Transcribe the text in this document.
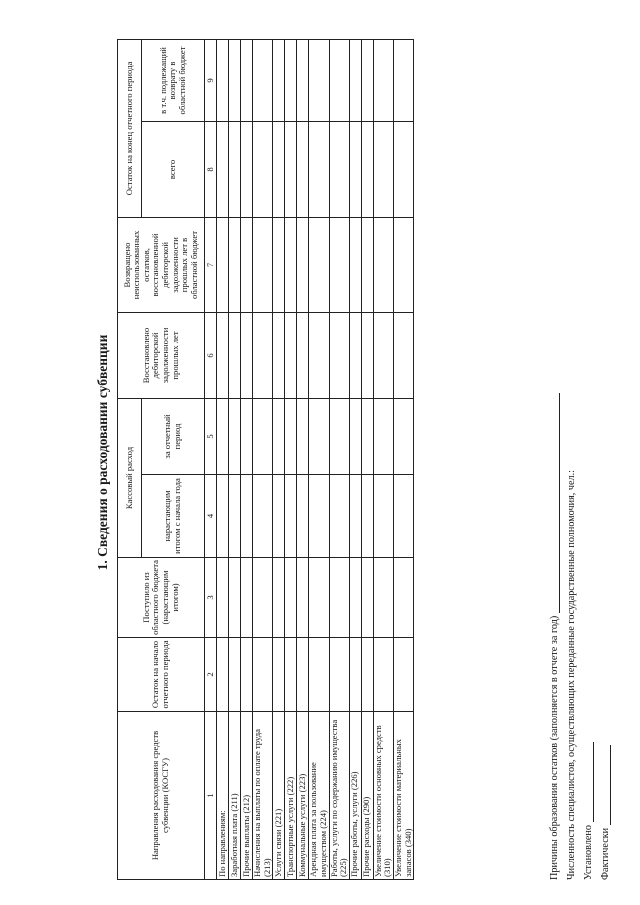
1. Сведения о расходовании субвенции
Направления расходования средств субвенции (КОСГУ)	Остаток на начало отчетного периода	Поступило из областного бюджета (нарастающим итогом)	Кассовый расход		Восстановлено дебиторской задолженности прошлых лет	Возвращено неиспользованных остатков, восстановленной дебиторской задолженности прошлых лет в областной бюджет	Остаток на конец отчетного периода	
			нарастающим итогом с начала года	за отчетный период			всего	в т.ч. подлежащий возврату в областной бюджет
1	2	3	4	5	6	7	8	9
По направлениям:								
Заработная плата (211)								
Прочие выплаты (212)								
Начисления на выплаты по оплате труда (213)								
Услуги связи (221)								
Транспортные услуги (222)								
Коммунальные услуги (223)								
Арендная плата за пользование имуществом (224)								
Работы, услуги по содержанию имущества (225)								
Прочие работы, услуги (226)								
Прочие расходы (290)								
Увеличение стоимости основных средств (310)								
Увеличение стоимости материальных запасов (340)									Причины образования остатков (заполняется в отчете за год) Численность специалистов, осуществляющих переданные государственные полномочия, чел.: Установлено Фактически
